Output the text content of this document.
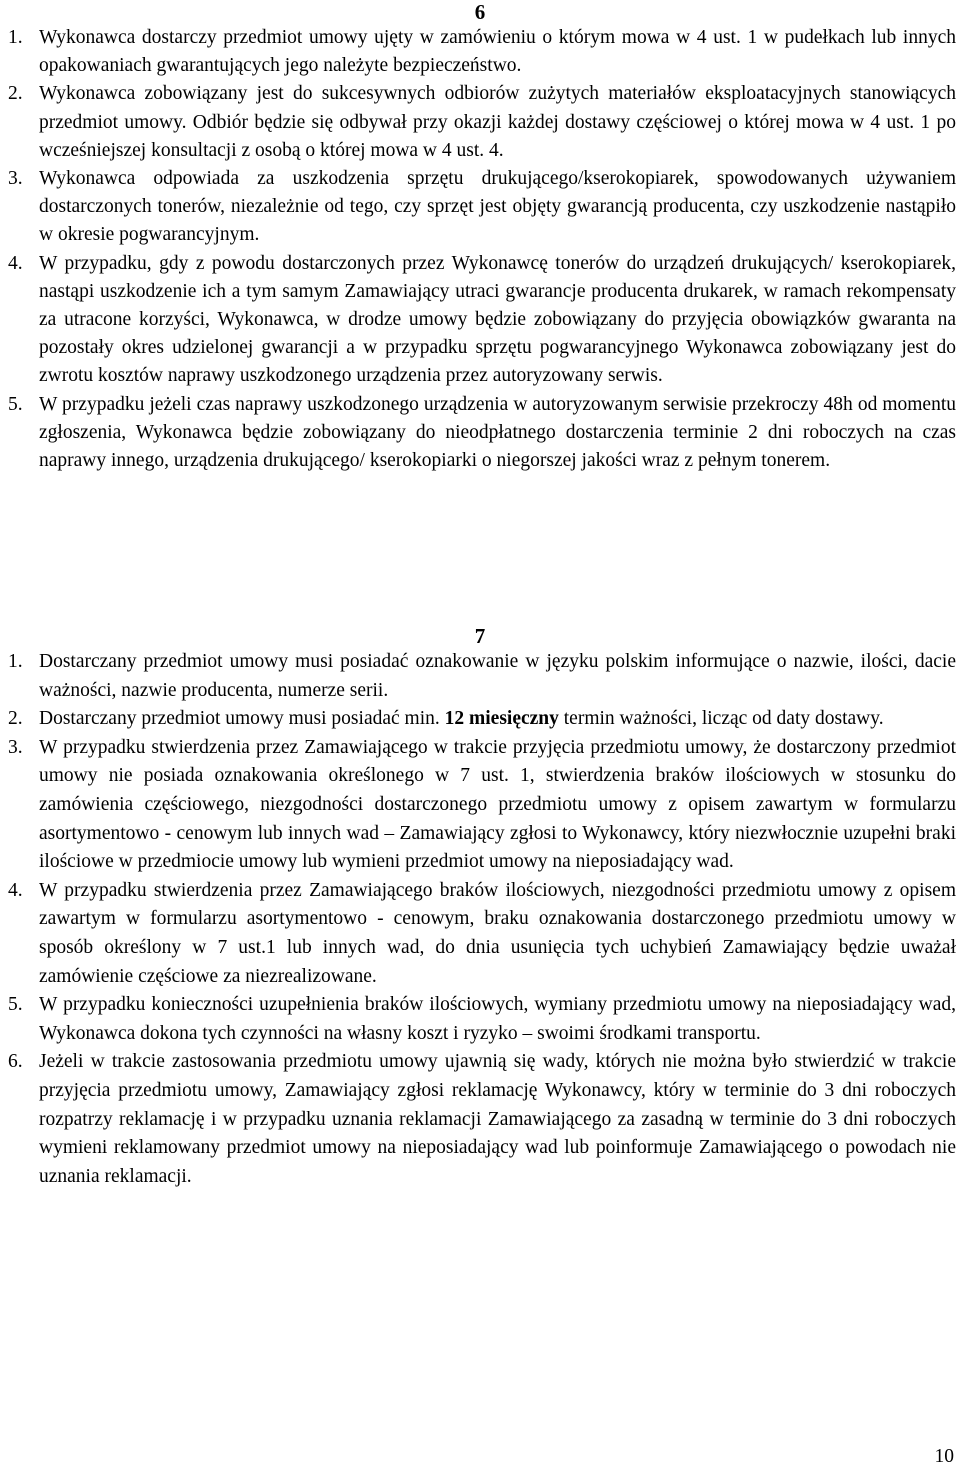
6
1. Wykonawca dostarczy przedmiot umowy ujęty w zamówieniu o którym mowa w 4 ust. 1 w pudełkach lub innych opakowaniach gwarantujących jego należyte bezpieczeństwo.
2. Wykonawca zobowiązany jest do sukcesywnych odbiorów zużytych materiałów eksploatacyjnych stanowiących przedmiot umowy. Odbiór będzie się odbywał przy okazji każdej dostawy częściowej o której mowa w 4 ust. 1 po wcześniejszej konsultacji z osobą o której mowa w 4 ust. 4.
3. Wykonawca odpowiada za uszkodzenia sprzętu drukującego/kserokopiarek, spowodowanych używaniem dostarczonych tonerów, niezależnie od tego, czy sprzęt jest objęty gwarancją producenta, czy uszkodzenie nastąpiło w okresie pogwarancyjnym.
4. W przypadku, gdy z powodu dostarczonych przez Wykonawcę tonerów do urządzeń drukujących/ kserokopiarek, nastąpi uszkodzenie ich a tym samym Zamawiający utraci gwarancje producenta drukarek, w ramach rekompensaty za utracone korzyści, Wykonawca, w drodze umowy będzie zobowiązany do przyjęcia obowiązków gwaranta na pozostały okres udzielonej gwarancji a w przypadku sprzętu pogwarancyjnego Wykonawca zobowiązany jest do zwrotu kosztów naprawy uszkodzonego urządzenia przez autoryzowany serwis.
5. W przypadku jeżeli czas naprawy uszkodzonego urządzenia w autoryzowanym serwisie przekroczy 48h od momentu zgłoszenia, Wykonawca będzie zobowiązany do nieodpłatnego dostarczenia terminie 2 dni roboczych na czas naprawy innego, urządzenia drukującego/ kserokopiarki o niegorszej jakości wraz z pełnym tonerem.
7
1. Dostarczany przedmiot umowy musi posiadać oznakowanie w języku polskim informujące o nazwie, ilości, dacie ważności, nazwie producenta, numerze serii.
2. Dostarczany przedmiot umowy musi posiadać min. 12 miesięczny termin ważności, licząc od daty dostawy.
3. W przypadku stwierdzenia przez Zamawiającego w trakcie przyjęcia przedmiotu umowy, że dostarczony przedmiot umowy nie posiada oznakowania określonego w 7 ust. 1, stwierdzenia braków ilościowych w stosunku do zamówienia częściowego, niezgodności dostarczonego przedmiotu umowy z opisem zawartym w formularzu asortymentowo - cenowym lub innych wad – Zamawiający zgłosi to Wykonawcy, który niezwłocznie uzupełni braki ilościowe w przedmiocie umowy lub wymieni przedmiot umowy na nieposiadający wad.
4. W przypadku stwierdzenia przez Zamawiającego braków ilościowych, niezgodności przedmiotu umowy z opisem zawartym w formularzu asortymentowo - cenowym, braku oznakowania dostarczonego przedmiotu umowy w sposób określony w 7 ust.1 lub innych wad, do dnia usunięcia tych uchybień Zamawiający będzie uważał zamówienie częściowe za niezrealizowane.
5. W przypadku konieczności uzupełnienia braków ilościowych, wymiany przedmiotu umowy na nieposiadający wad, Wykonawca dokona tych czynności na własny koszt i ryzyko – swoimi środkami transportu.
6. Jeżeli w trakcie zastosowania przedmiotu umowy ujawnią się wady, których nie można było stwierdzić w trakcie przyjęcia przedmiotu umowy, Zamawiający zgłosi reklamację Wykonawcy, który w terminie do 3 dni roboczych rozpatrzy reklamację i w przypadku uznania reklamacji Zamawiającego za zasadną w terminie do 3 dni roboczych wymieni reklamowany przedmiot umowy na nieposiadający wad lub poinformuje Zamawiającego o powodach nie uznania reklamacji.
10
